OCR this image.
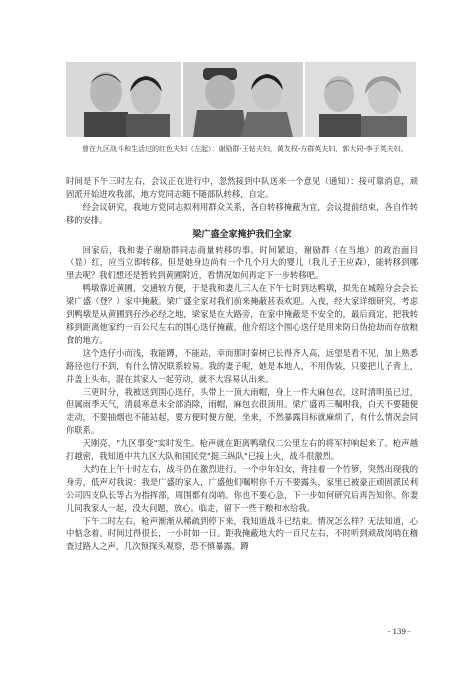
曾在九区战斗和生活过的红色夫妇（左起）：谢励群-王钻夫妇，黄友权-方群英夫妇，郭大同-李子英夫妇。

时间是下午三时左右，会议正在进行中，忽然接到中队送来一个意见（通知）：接可靠消息，顽固派开始进攻我部，地方党同志随不随部队转移，自定。

经会议研究，我地方党同志拟利用群众关系，各自转移掩蔽为宜，会议提前结束，各自作转移的安排。

梁广盛全家掩护我们全家

回家后，我和妻子谢励群同志商量转移的事。时间紧迫，谢励群（在当地）的政治面目（显）红，应当立即转移。但是她身边尚有一个几个月大的婴儿（我儿子王应森），能转移到哪里去呢？我们想还是暂转到黄圃附近，看情况如何再定下一步转移吧。

鸭墩靠近黄圃，交通较方便，于是我和妻儿三人在下午七时到达鸭墩，拟先在城隍分会会长梁广盛（登？）家中掩蔽。梁广盛全家对我们前来掩蔽甚表欢迎。入夜，经大家详细研究，考虑到鸭墩是从黄圃到孖沙必经之地，梁家是在大路旁，在家中掩蔽是不安全的，最后商定，把我转移到距离他家约一百公尺左右的围心迭仔掩蔽，他介绍这个围心迭仔是用来防日伪抢劫而存放粮食的地方。

这个迭仔小而浅，我能蹲，不能站，幸而那时秦树已长得齐人高，远望是看不见，加上熟悉路径也行不到，有什么情况联系较易。我的妻子呢，她是本地人，不用伪装，只要把儿子背上，并盖上头布，混在其家人一起劳动，就不大容易认出来。

三更时分，我被送到围心迭仔，头带上一顶大雨帽，身上一件大麻包衣，这时清明虽已过，但属雨季天气，清晨寒意未全部消除，雨帽，麻包衣很顶用。梁广盛再三嘱咐我，白天不要随便走动，不要抽烟也不能站起，要方便时便方便，坐来，不然暴露目标就麻烦了，有什么情况会同你联系。

天刚亮，"九区事变"实时发生。枪声就在距离鸭墩仅二公里左右的将军村响起来了。枪声越打越密，我知道中共九区大队和国民党"挺三纵队"已接上火，战斗很激烈。

大约在上午十时左右，战斗仍在激烈进行。一个中年妇女，背挂着一个竹箩，突然出现我的身旁，低声对我说：我是广盛的家人，广盛他们嘱咐你千万不要露头，家里已被豪正顽固派民利公司四支队长等占为指挥部，周围都有岗哨。你也不要心急，下一步如何研究后再告知你。你妻儿同我家人一起，没大问题，放心。临走，留下一些干粮和水给我。

下午二时左右，枪声渐渐从稀疏到停下来，我知道战斗已结束。情况怎么样？无法知道，心中惦念着。时间过得很长，一小时如一日。距我掩蔽地大约一百尺左右，不时听到顽敌岗哨在稽查过路人之声，几次预探头观察，恐不慎暴露。蹲

- 139 -
